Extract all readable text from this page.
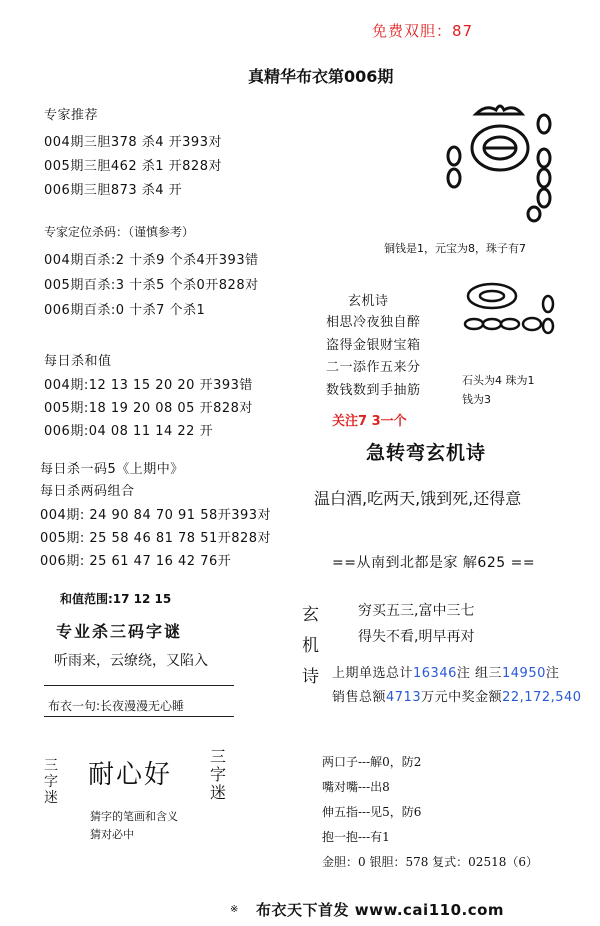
免费双胆：87
真精华布衣第006期
专家推荐
004期三胆378 杀4 开393对
005期三胆462 杀1 开828对
006期三胆873 杀4 开
专家定位杀码：（谨慎参考）
004期百杀:2 十杀9 个杀4开393错
005期百杀:3 十杀5 个杀0开828对
006期百杀:0 十杀7 个杀1
每日杀和值
004期:12 13 15 20 20 开393错
005期:18 19 20 08 05 开828对
006期:04 08 11 14 22 开
每日杀一码5《上期中》
每日杀两码组合
004期: 24 90 84 70 91 58开393对
005期: 25 58 46 81 78 51开828对
006期: 25 61 47 16 42 76开
和值范围:17 12 15
专业杀三码字谜
听雨来，云缭绕，又陷入
布衣一句:长夜漫漫无心睡
三字迷
耐心好
三字迷
猜字的笔画和含义
猜对必中
铜钱是1，元宝为8，珠子有7
玄机诗
相思冷夜独自醉
盗得金银财宝箱
二一添作五来分
数钱数到手抽筋
关注7 3一个
石头为4 珠为1
钱为3
急转弯玄机诗
温白酒,吃两天,饿到死,还得意
==从南到北都是家 解625 ==
玄
机
诗
穷买五三,富中三七
得失不看,明早再对
上期单选总计16346注 组三14950注
销售总额4713万元中奖金额22,172,540
两口子---解0，防2
嘴对嘴---出8
伸五指---见5，防6
抱一抱---有1
金胆：0 银胆：578 复式：02518（6）
※ 布衣天下首发 www.cai110.com
